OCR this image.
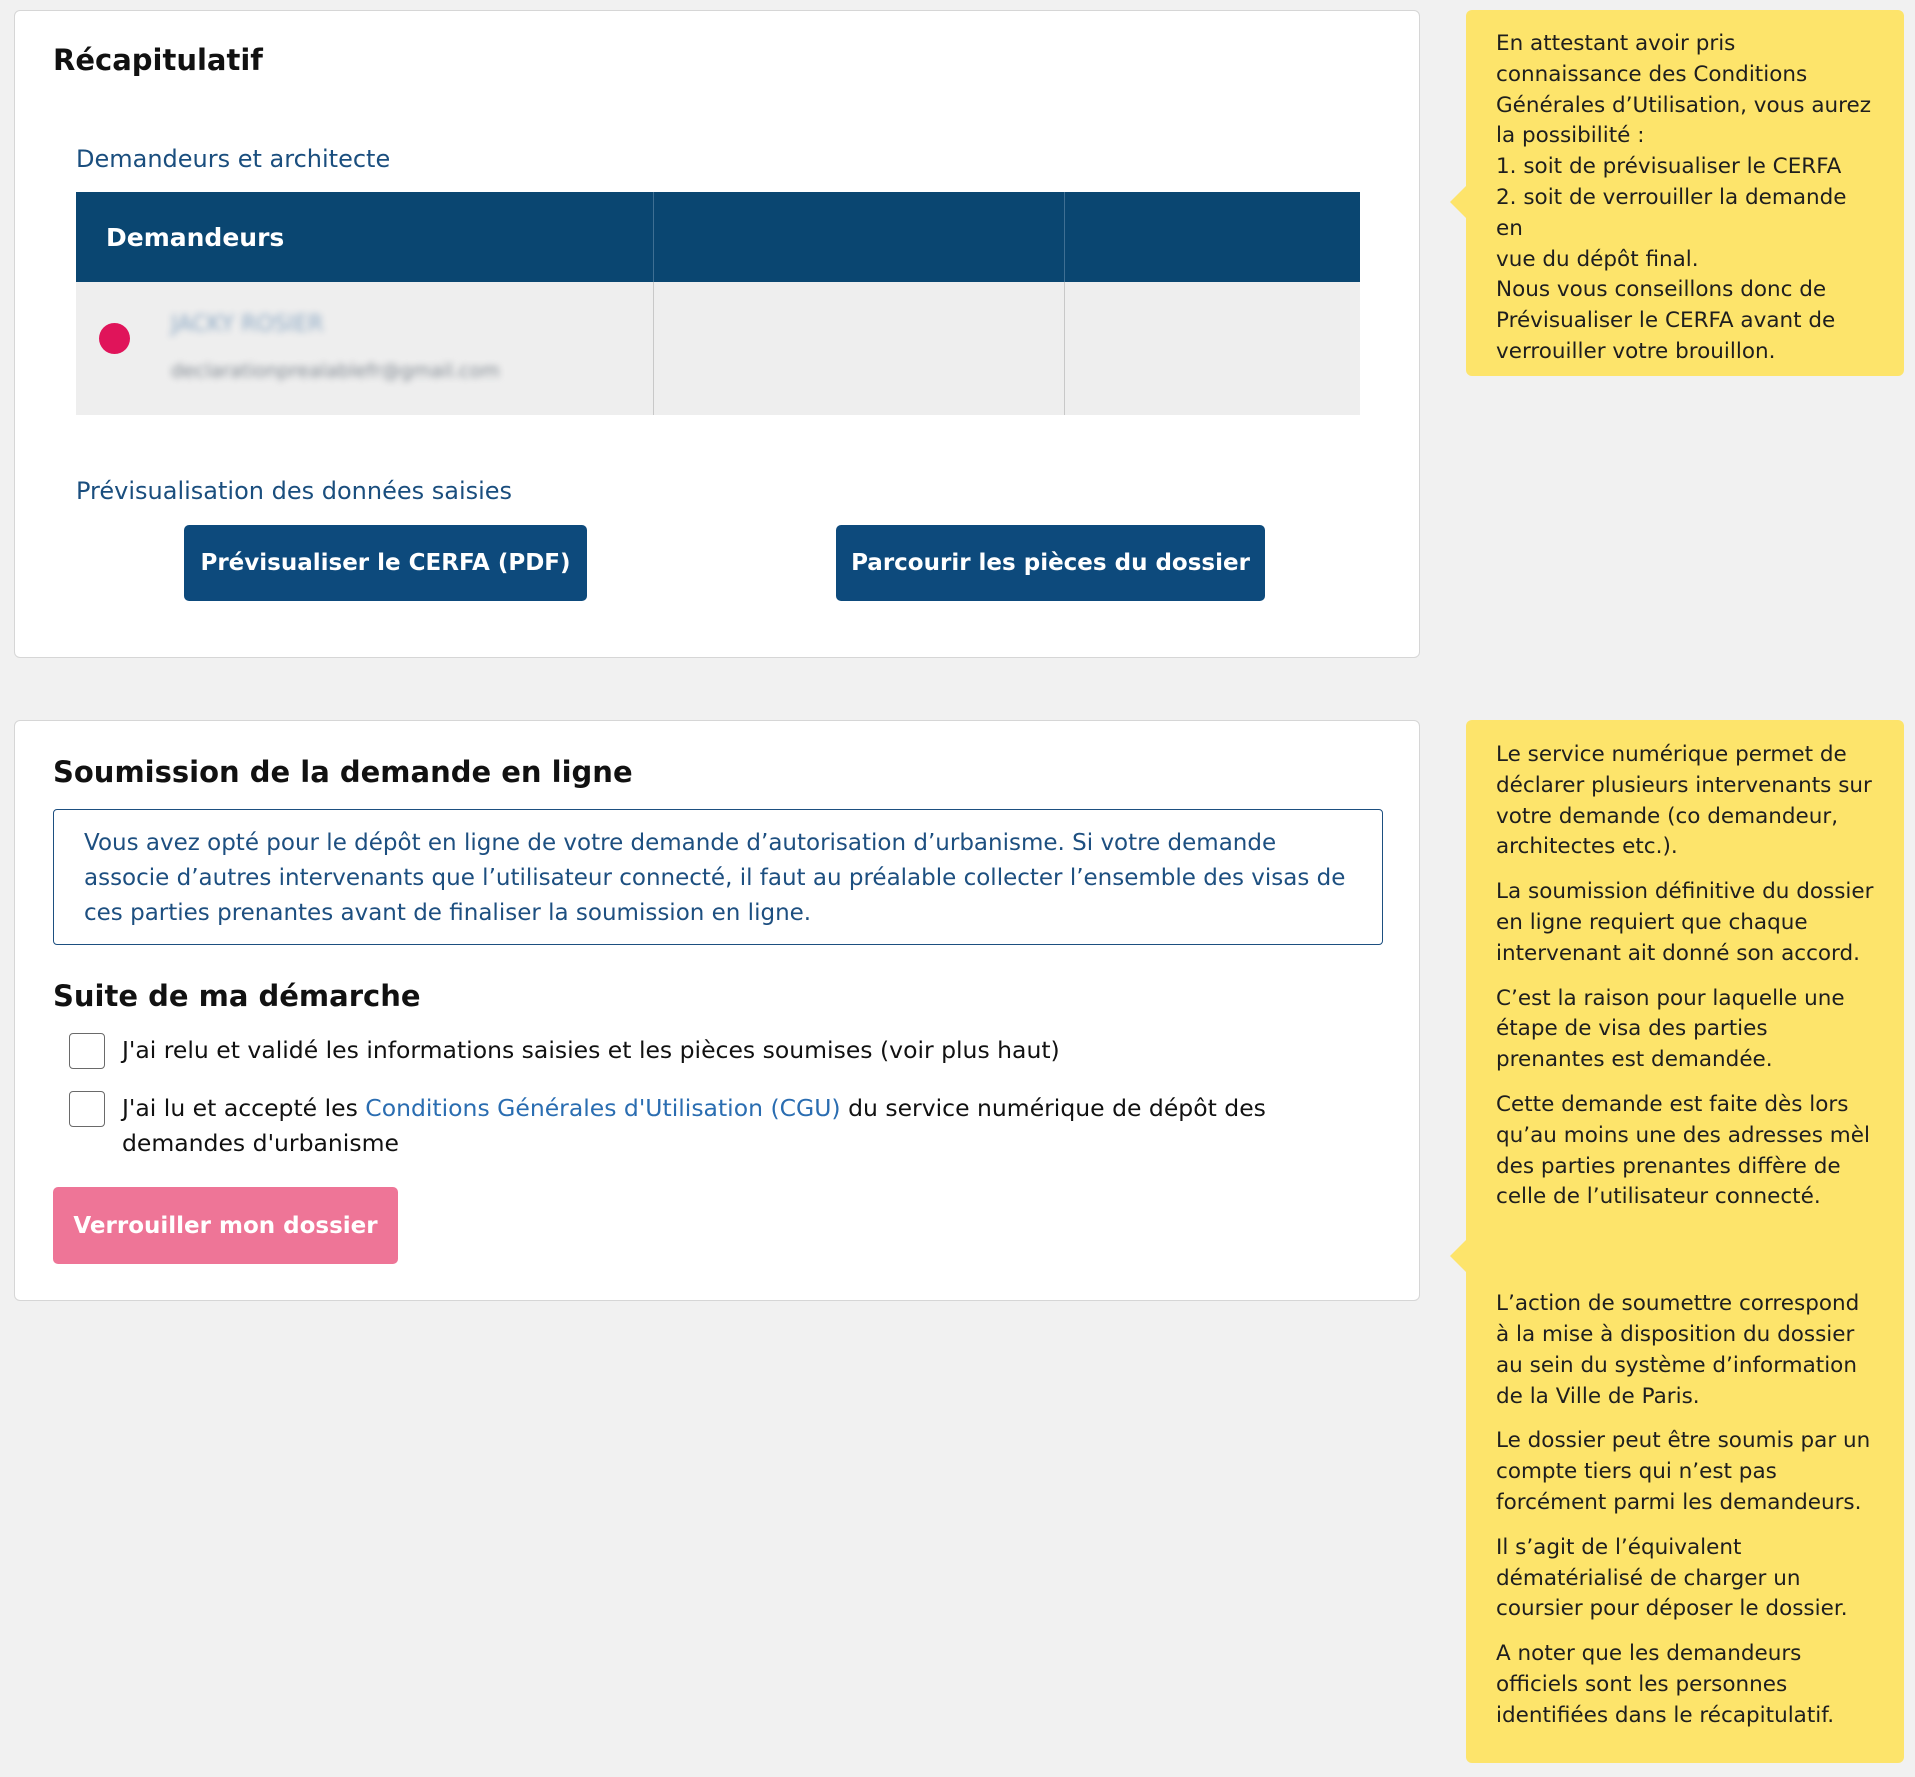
Récapitulatif
Demandeurs et architecte
Demandeurs
JACKY ROSIER
declarationprealablefr@gmail.com
Prévisualisation des données saisies
Prévisualiser le CERFA (PDF)	Parcourir les pièces du dossier
En attestant avoir pris
connaissance des Conditions
Générales d’Utilisation, vous aurez
la possibilité :
1. soit de prévisualiser le CERFA
2. soit de verrouiller la demande en
vue du dépôt final.
Nous vous conseillons donc de
Prévisualiser le CERFA avant de
verrouiller votre brouillon.
Soumission de la demande en ligne
Vous avez opté pour le dépôt en ligne de votre demande d’autorisation d’urbanisme. Si votre demande associe d’autres intervenants que l’utilisateur connecté, il faut au préalable collecter l’ensemble des visas de ces parties prenantes avant de finaliser la soumission en ligne.
Suite de ma démarche
J'ai relu et validé les informations saisies et les pièces soumises (voir plus haut)
J'ai lu et accepté les Conditions Générales d'Utilisation (CGU) du service numérique de dépôt des demandes d'urbanisme
Verrouiller mon dossier

Le service numérique permet de déclarer plusieurs intervenants sur votre demande (co demandeur, architectes etc.).

La soumission définitive du dossier en ligne requiert que chaque intervenant ait donné son accord.

C’est la raison pour laquelle une étape de visa des parties prenantes est demandée.

Cette demande est faite dès lors qu’au moins une des adresses mèl des parties prenantes diffère de celle de l’utilisateur connecté.

L’action de soumettre correspond à la mise à disposition du dossier au sein du système d’information de la Ville de Paris.

Le dossier peut être soumis par un compte tiers qui n’est pas forcément parmi les demandeurs.

Il s’agit de l’équivalent dématérialisé de charger un coursier pour déposer le dossier.

A noter que les demandeurs officiels sont les personnes identifiées dans le récapitulatif.
